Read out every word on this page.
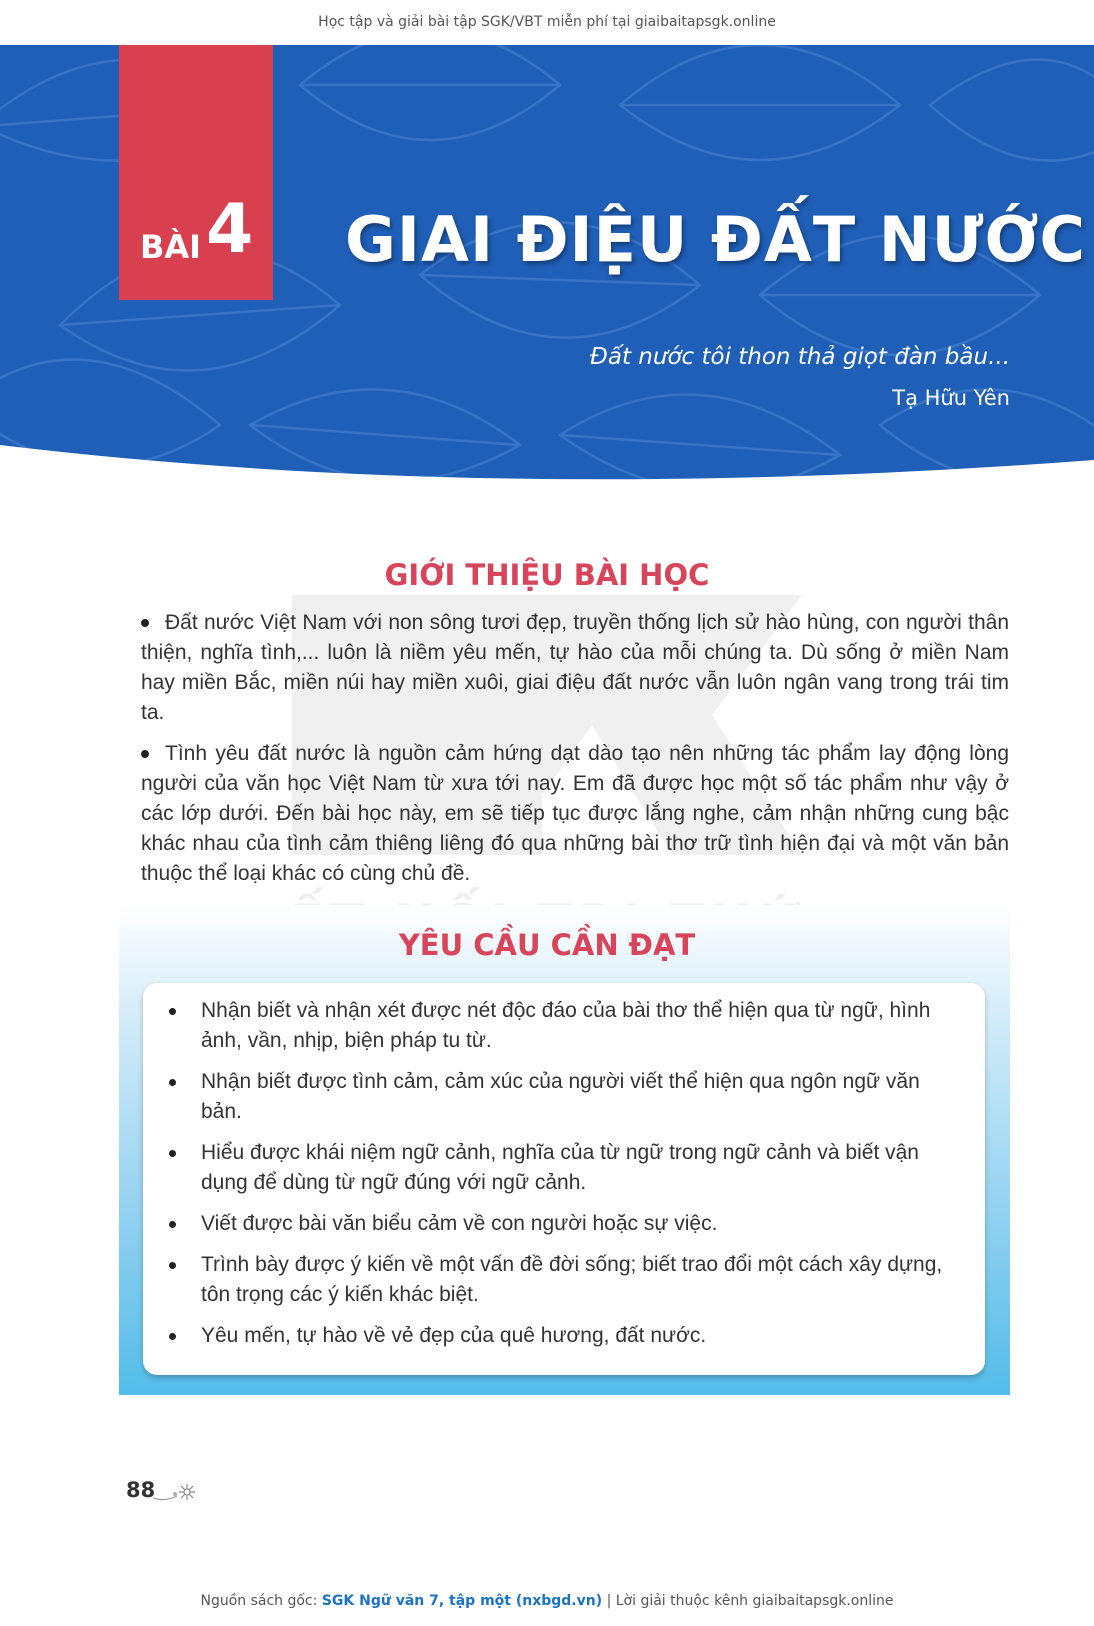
Học tập và giải bài tập SGK/VBT miễn phí tại giaibaitapsgk.online
BÀI 4 GIAI ĐIỆU ĐẤT NƯỚC
Đất nước tôi thon thả giọt đàn bầu...
Tạ Hữu Yên
GIỚI THIỆU BÀI HỌC

Đất nước Việt Nam với non sông tươi đẹp, truyền thống lịch sử hào hùng, con người thân thiện, nghĩa tình,... luôn là niềm yêu mến, tự hào của mỗi chúng ta. Dù sống ở miền Nam hay miền Bắc, miền núi hay miền xuôi, giai điệu đất nước vẫn luôn ngân vang trong trái tim ta.

Tình yêu đất nước là nguồn cảm hứng dạt dào tạo nên những tác phẩm lay động lòng người của văn học Việt Nam từ xưa tới nay. Em đã được học một số tác phẩm như vậy ở các lớp dưới. Đến bài học này, em sẽ tiếp tục được lắng nghe, cảm nhận những cung bậc khác nhau của tình cảm thiêng liêng đó qua những bài thơ trữ tình hiện đại và một văn bản thuộc thể loại khác có cùng chủ đề.

YÊU CẦU CẦN ĐẠT
Nhận biết và nhận xét được nét độc đáo của bài thơ thể hiện qua từ ngữ, hình ảnh, vần, nhịp, biện pháp tu từ.
Nhận biết được tình cảm, cảm xúc của người viết thể hiện qua ngôn ngữ văn bản.
Hiểu được khái niệm ngữ cảnh, nghĩa của từ ngữ trong ngữ cảnh và biết vận dụng để dùng từ ngữ đúng với ngữ cảnh.
Viết được bài văn biểu cảm về con người hoặc sự việc.
Trình bày được ý kiến về một vấn đề đời sống; biết trao đổi một cách xây dựng, tôn trọng các ý kiến khác biệt.
Yêu mến, tự hào về vẻ đẹp của quê hương, đất nước.
88
Nguồn sách gốc: SGK Ngữ văn 7, tập một (nxbgd.vn) | Lời giải thuộc kênh giaibaitapsgk.online
